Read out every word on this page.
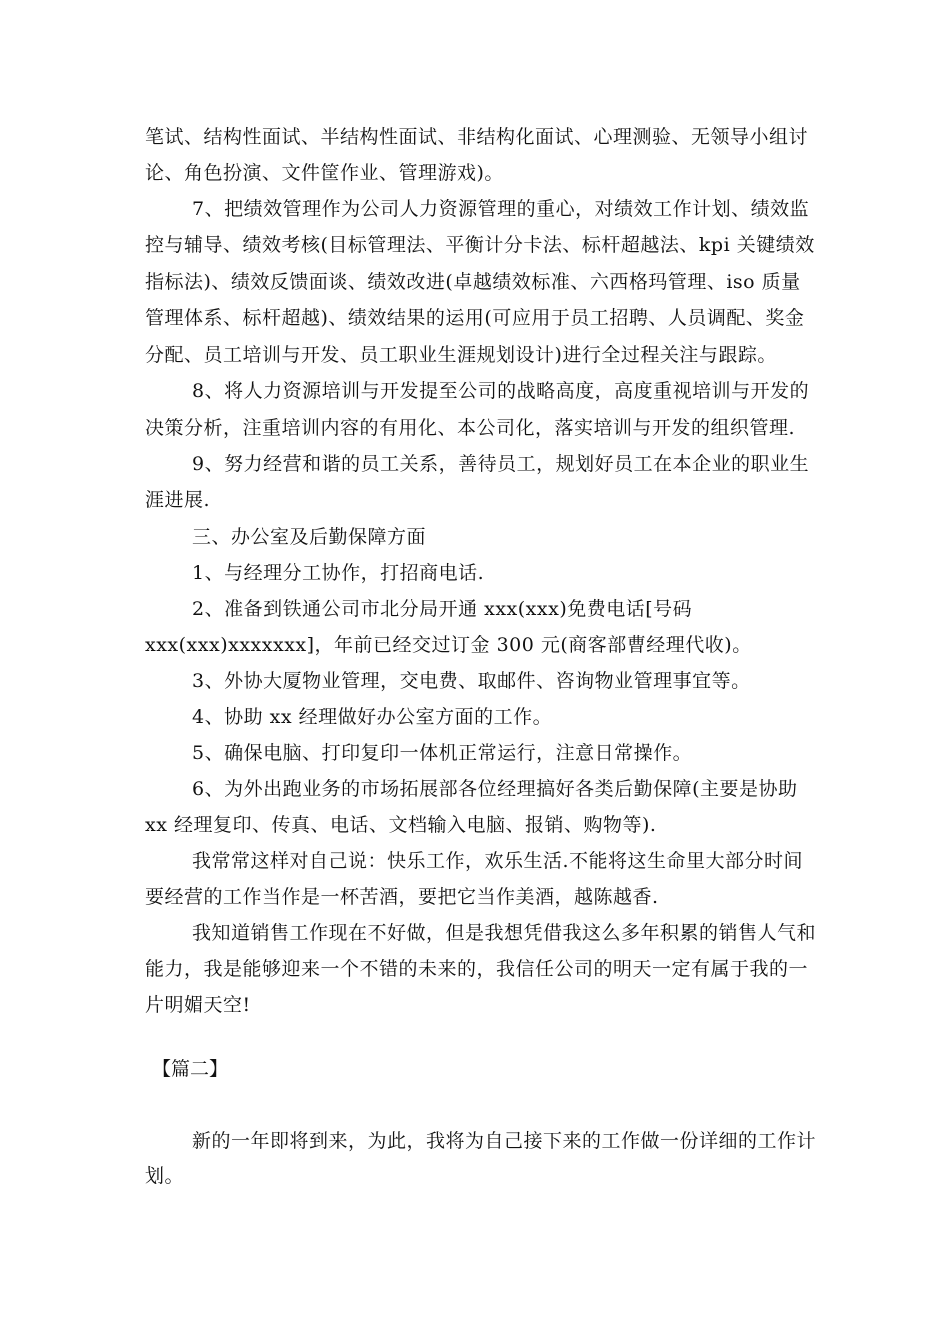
笔试、结构性面试、半结构性面试、非结构化面试、心理测验、无领导小组讨
论、角色扮演、文件筐作业、管理游戏)。
7、把绩效管理作为公司人力资源管理的重心，对绩效工作计划、绩效监
控与辅导、绩效考核(目标管理法、平衡计分卡法、标杆超越法、kpi 关键绩效
指标法)、绩效反馈面谈、绩效改进(卓越绩效标准、六西格玛管理、iso 质量
管理体系、标杆超越)、绩效结果的运用(可应用于员工招聘、人员调配、奖金
分配、员工培训与开发、员工职业生涯规划设计)进行全过程关注与跟踪。
8、将人力资源培训与开发提至公司的战略高度，高度重视培训与开发的
决策分析，注重培训内容的有用化、本公司化，落实培训与开发的组织管理.
9、努力经营和谐的员工关系，善待员工，规划好员工在本企业的职业生
涯进展.
三、办公室及后勤保障方面
1、与经理分工协作，打招商电话.
2、准备到铁通公司市北分局开通 xxx(xxx)免费电话[号码
xxx(xxx)xxxxxxx]，年前已经交过订金 300 元(商客部曹经理代收)。
3、外协大厦物业管理，交电费、取邮件、咨询物业管理事宜等。
4、协助 xx 经理做好办公室方面的工作。
5、确保电脑、打印复印一体机正常运行，注意日常操作。
6、为外出跑业务的市场拓展部各位经理搞好各类后勤保障(主要是协助
xx 经理复印、传真、电话、文档输入电脑、报销、购物等).
我常常这样对自己说：快乐工作，欢乐生活.不能将这生命里大部分时间
要经营的工作当作是一杯苦酒，要把它当作美酒，越陈越香.
我知道销售工作现在不好做，但是我想凭借我这么多年积累的销售人气和
能力，我是能够迎来一个不错的未来的，我信任公司的明天一定有属于我的一
片明媚天空!
【篇二】
新的一年即将到来，为此，我将为自己接下来的工作做一份详细的工作计
划。
